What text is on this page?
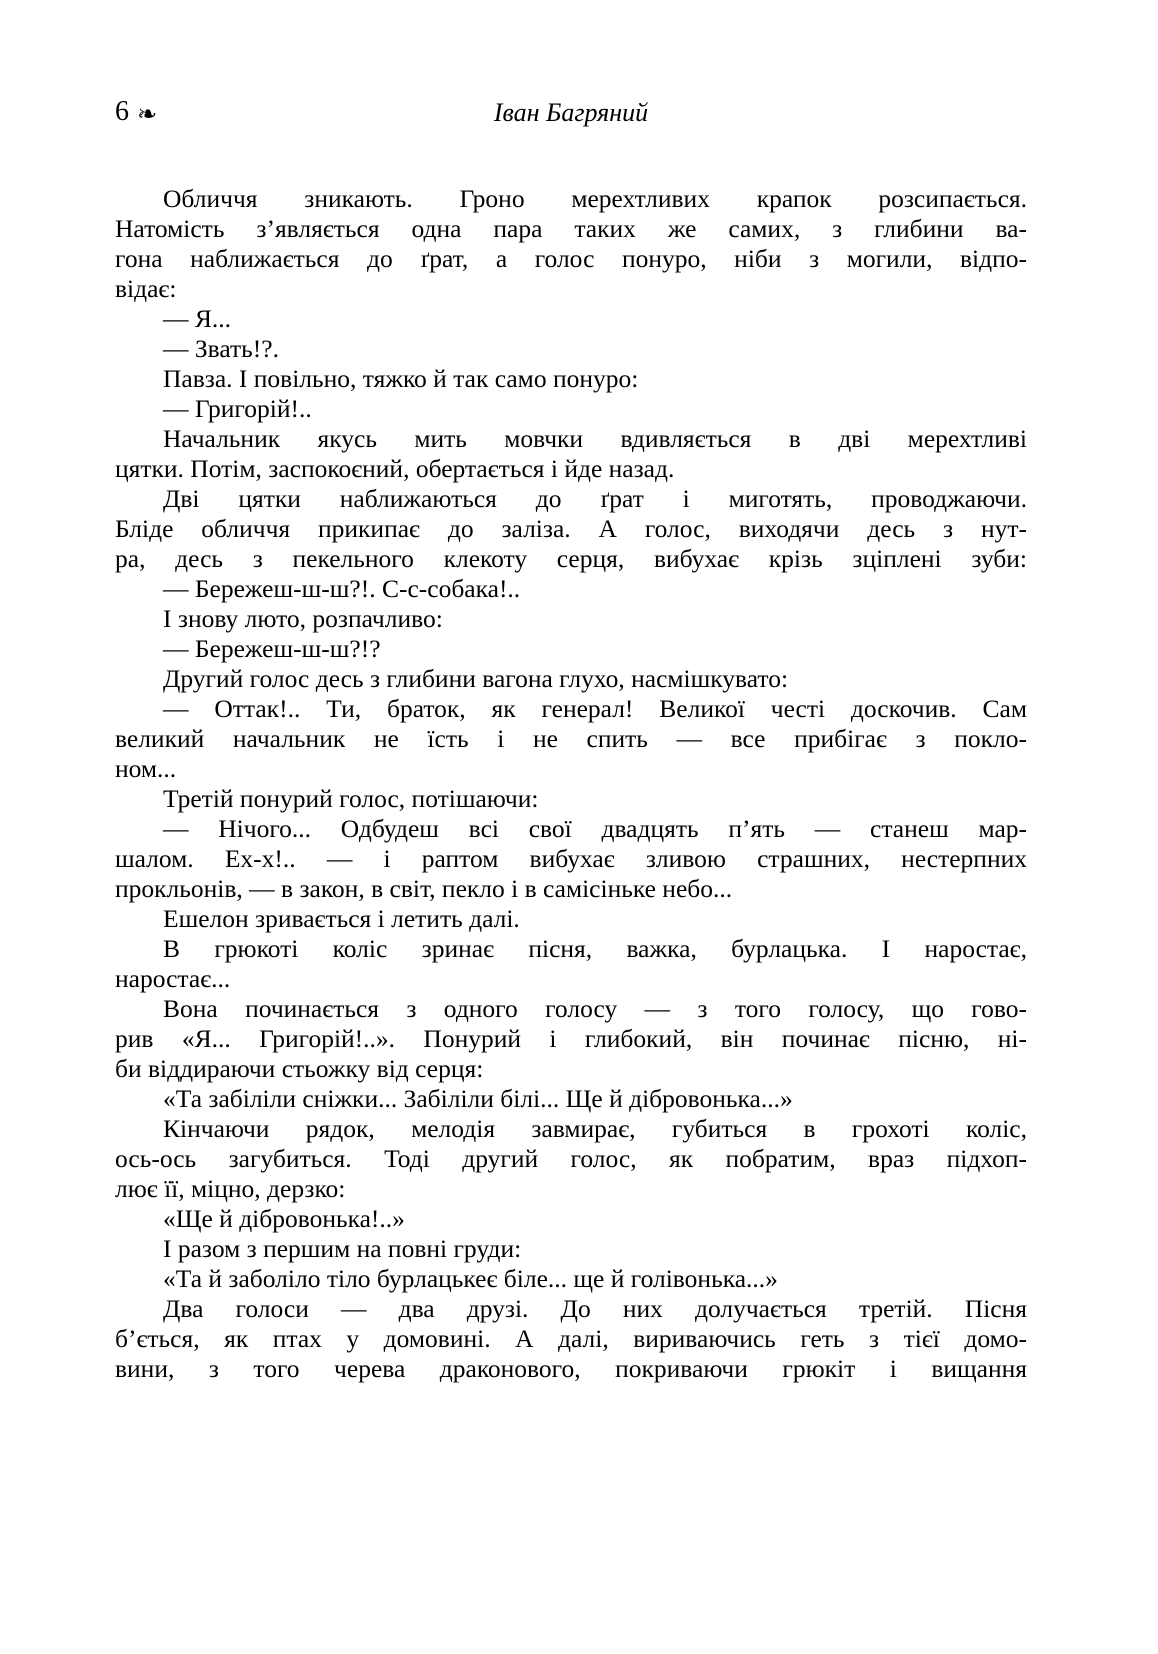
6 ❧	Іван Багряний
Обличчя зникають. Гроно мерехтливих крапок розсипається.
Натомість з’являється одна пара таких же самих, з глибини ва-
гона наближається до ґрат, а голос понуро, ніби з могили, відпо-
відає:
— Я...
— Звать!?.
Павза. І повільно, тяжко й так само понуро:
— Григорій!..
Начальник якусь мить мовчки вдивляється в дві мерехтливі
цятки. Потім, заспокоєний, обертається і йде назад.
Дві цятки наближаються до ґрат і миготять, проводжаючи.
Бліде обличчя прикипає до заліза. А голос, виходячи десь з нут-
ра, десь з пекельного клекоту серця, вибухає крізь зціплені зуби:
— Бережеш-ш-ш?!. С-с-собака!..
І знову люто, розпачливо:
— Бережеш-ш-ш?!?
Другий голос десь з глибини вагона глухо, насмішкувато:
— Оттак!.. Ти, браток, як генерал! Великої честі доскочив. Сам
великий начальник не їсть і не спить — все прибігає з покло-
ном...
Третій понурий голос, потішаючи:
— Нічого... Одбудеш всі свої двадцять п’ять — станеш мар-
шалом. Ех-х!.. — і раптом вибухає зливою страшних, нестерпних
прокльонів, — в закон, в світ, пекло і в самісіньке небо...
Ешелон зривається і летить далі.
В грюкоті коліс зринає пісня, важка, бурлацька. І наростає,
наростає...
Вона починається з одного голосу — з того голосу, що гово-
рив «Я... Григорій!..». Понурий і глибокий, він починає пісню, ні-
би віддираючи стьожку від серця:
«Та забіліли сніжки... Забіліли білі... Ще й дібровонька...»
Кінчаючи рядок, мелодія завмирає, губиться в грохоті коліс,
ось-ось загубиться. Тоді другий голос, як побратим, враз підхоп-
лює її, міцно, дерзко:
«Ще й дібровонька!..»
І разом з першим на повні груди:
«Та й заболіло тіло бурлацькеє біле... ще й голівонька...»
Два голоси — два друзі. До них долучається третій. Пісня
б’ється, як птах у домовині. А далі, вириваючись геть з тієї домо-
вини, з того черева драконового, покриваючи грюкіт і вищання
